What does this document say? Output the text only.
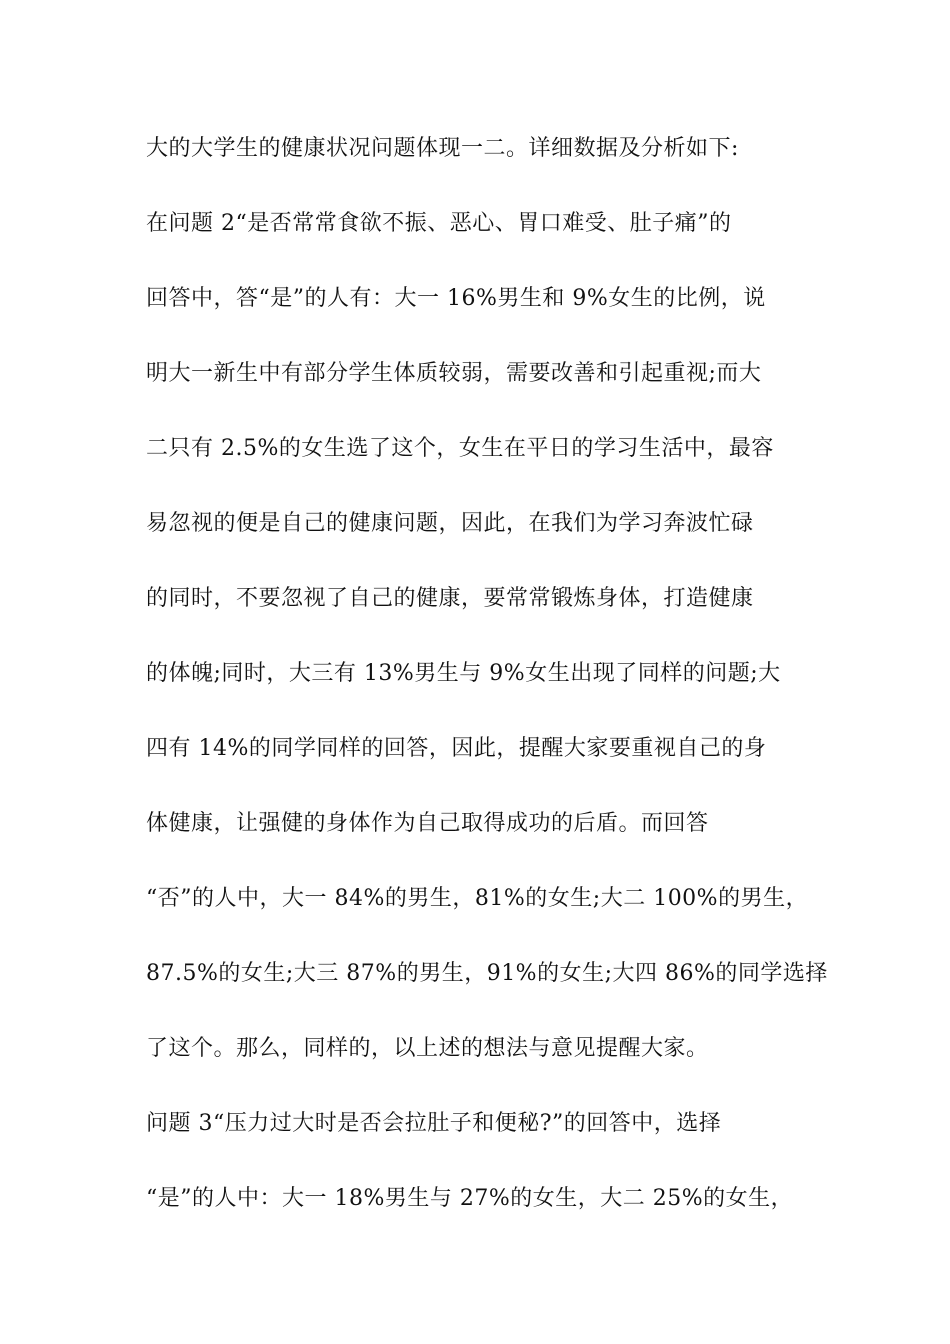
大的大学生的健康状况问题体现一二。详细数据及分析如下:
在问题 2“是否常常食欲不振、恶心、胃口难受、肚子痛”的
回答中，答“是”的人有：大一 16%男生和 9%女生的比例，说
明大一新生中有部分学生体质较弱，需要改善和引起重视;而大
二只有 2.5%的女生选了这个，女生在平日的学习生活中，最容
易忽视的便是自己的健康问题，因此，在我们为学习奔波忙碌
的同时，不要忽视了自己的健康，要常常锻炼身体，打造健康
的体魄;同时，大三有 13%男生与 9%女生出现了同样的问题;大
四有 14%的同学同样的回答，因此，提醒大家要重视自己的身
体健康，让强健的身体作为自己取得成功的后盾。而回答
“否”的人中，大一 84%的男生，81%的女生;大二 100%的男生，
87.5%的女生;大三 87%的男生，91%的女生;大四 86%的同学选择
了这个。那么，同样的，以上述的想法与意见提醒大家。
问题 3“压力过大时是否会拉肚子和便秘?”的回答中，选择
“是”的人中：大一 18%男生与 27%的女生，大二 25%的女生，
